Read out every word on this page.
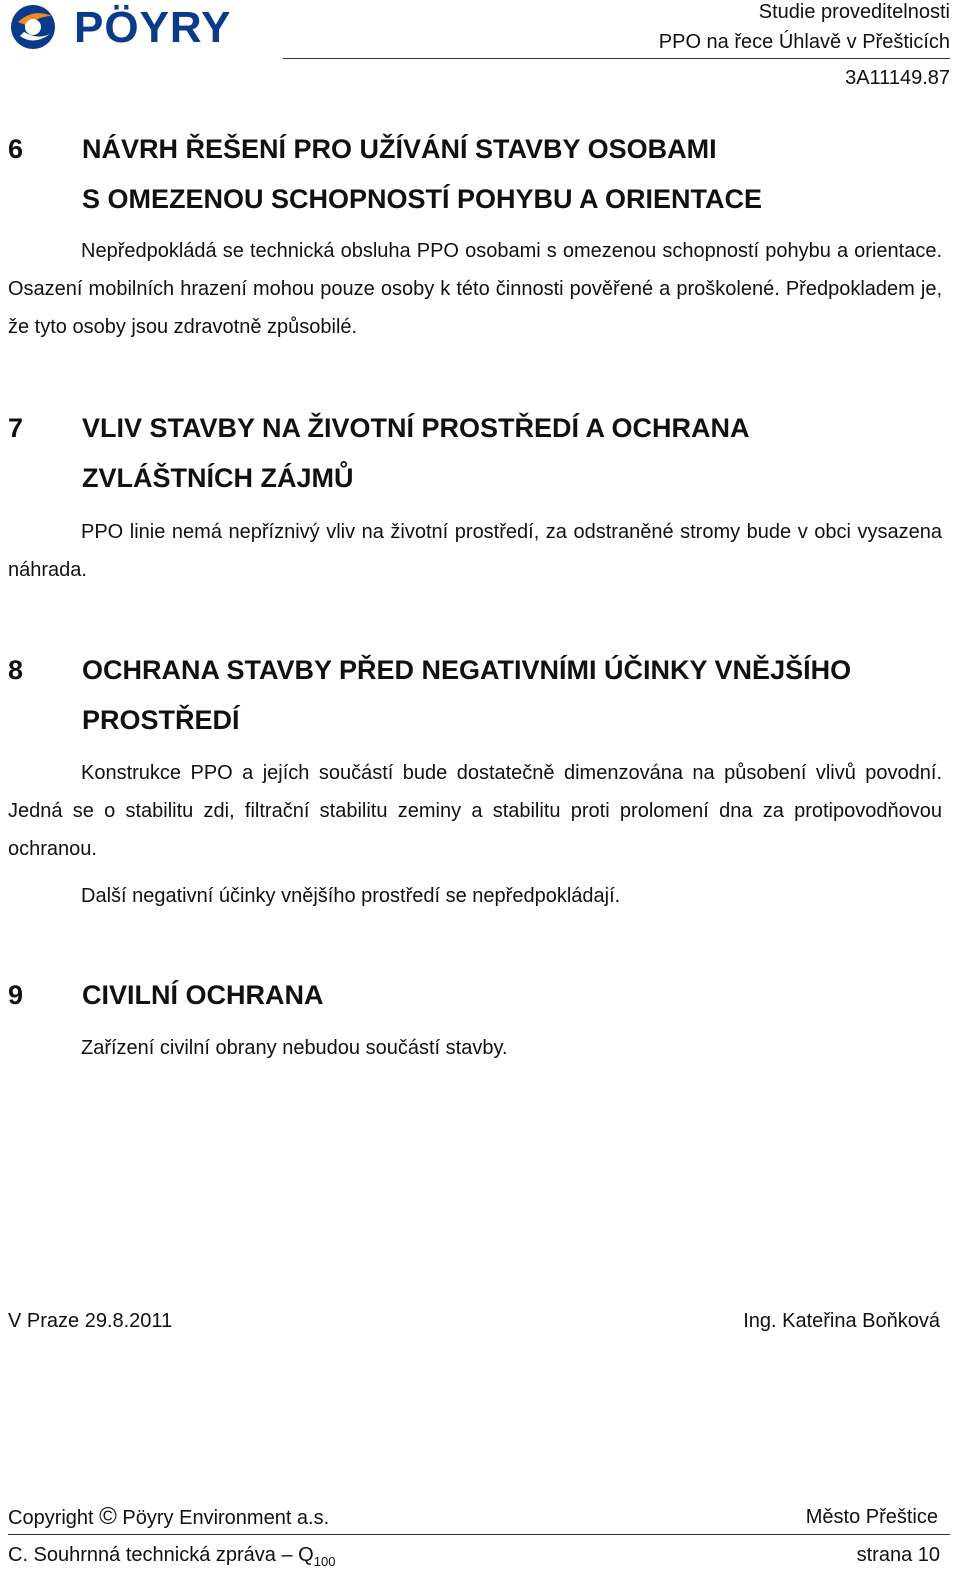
PÖYRY	Studie proveditelnosti
PPO na řece Úhlavě v Přešticích
3A11149.87
6 NÁVRH ŘEŠENÍ PRO UŽÍVÁNÍ STAVBY OSOBAMI
S OMEZENOU SCHOPNOSTÍ POHYBU A ORIENTACE
Nepředpokládá se technická obsluha PPO osobami s omezenou schopností pohybu a orientace. Osazení mobilních hrazení mohou pouze osoby k této činnosti pověřené a proškolené. Předpokladem je, že tyto osoby jsou zdravotně způsobilé.
7 VLIV STAVBY NA ŽIVOTNÍ PROSTŘEDÍ A OCHRANA
ZVLÁŠTNÍCH ZÁJMŮ
PPO linie nemá nepříznivý vliv na životní prostředí, za odstraněné stromy bude v obci vysazena náhrada.
8 OCHRANA STAVBY PŘED NEGATIVNÍMI ÚČINKY VNĚJŠÍHO
PROSTŘEDÍ
Konstrukce PPO a jejích součástí bude dostatečně dimenzována na působení vlivů povodní. Jedná se o stabilitu zdi, filtrační stabilitu zeminy a stabilitu proti prolomení dna za protipovodňovou ochranou.
Další negativní účinky vnějšího prostředí se nepředpokládají.
9 CIVILNÍ OCHRANA
Zařízení civilní obrany nebudou součástí stavby.
V Praze 29.8.2011	Ing. Kateřina Boňková
Copyright © Pöyry Environment a.s.	Město Přeštice
C. Souhrnná technická zpráva – $Q_{100}$	strana 10
